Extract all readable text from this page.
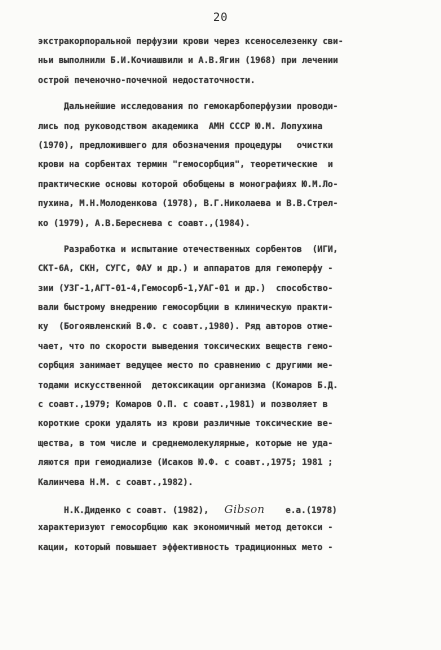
20
экстракорпоральной перфузии крови через ксеноселезенку сви-
ньи выполнили Б.И.Кочиашвили и А.В.Ягин (1968) при лечении
острой печеночно-почечной недостаточности.
Дальнейшие исследования по гемокарбоперфузии проводи-
лись под руководством академика  АМН СССР Ю.М. Лопухина
(1970), предложившего для обозначения процедуры   очистки
крови на сорбентах термин "гемосорбция", теоретические  и
практические основы которой обобщены в монографиях Ю.М.Ло-
пухина, М.Н.Молоденкова (1978), В.Г.Николаева и В.В.Стрел-
ко (1979), А.В.Береснева с соавт.,(1984).
Разработка и испытание отечественных сорбентов  (ИГИ,
СКТ-6А, СКН, СУГС, ФАУ и др.) и аппаратов для гемоперфу -
зии (УЗГ-1,АГТ-01-4,Гемосорб-1,УАГ-01 и др.)  способство-
вали быстрому внедрению гемосорбции в клиническую практи-
ку  (Богоявленский В.Ф. с соавт.,1980). Ряд авторов отме-
чает, что по скорости выведения токсических веществ гемо-
сорбция занимает ведущее место по сравнению с другими ме-
тодами искусственной  детоксикации организма (Комаров Б.Д.
с соавт.,1979; Комаров О.П. с соавт.,1981) и позволяет в
короткие сроки удалять из крови различные токсические ве-
щества, в том числе и среднемолекулярные, которые не уда-
ляются при гемодиализе (Исаков Ю.Ф. с соавт.,1975; 1981 ;
Калинчева Н.М. с соавт.,1982).
Н.К.Диденко с соавт. (1982),   Gibson    e.a.(1978)
характеризуют гемосорбцию как экономичный метод детокси -
кации, который повышает эффективность традиционных мето -
